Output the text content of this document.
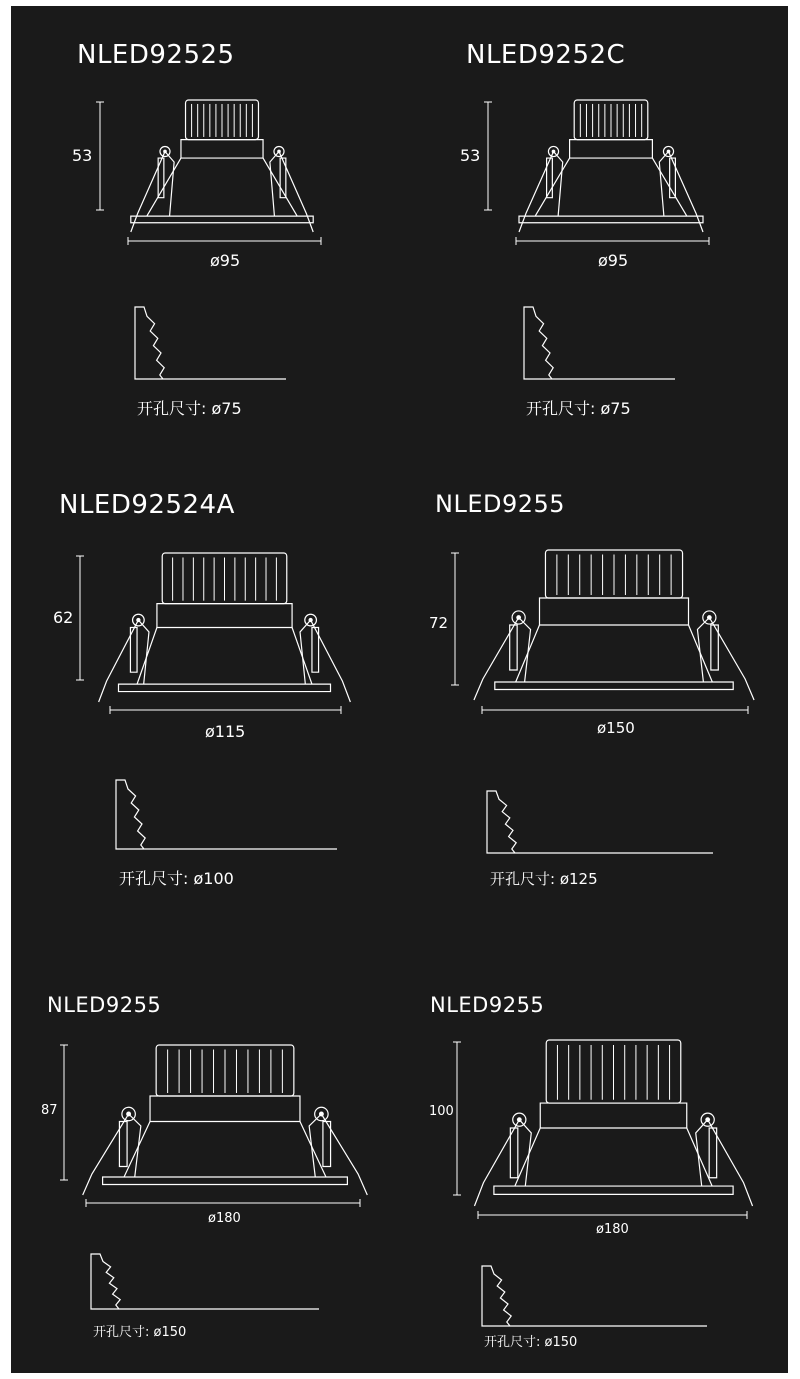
NLED92525
53
ø95
开孔尺寸: ø75
NLED9252C
53
ø95
开孔尺寸: ø75
NLED92524A
62
ø115
开孔尺寸: ø100
NLED9255
72
ø150
开孔尺寸: ø125
NLED9255
87
ø180
开孔尺寸: ø150
NLED9255
100
ø180
开孔尺寸: ø150
